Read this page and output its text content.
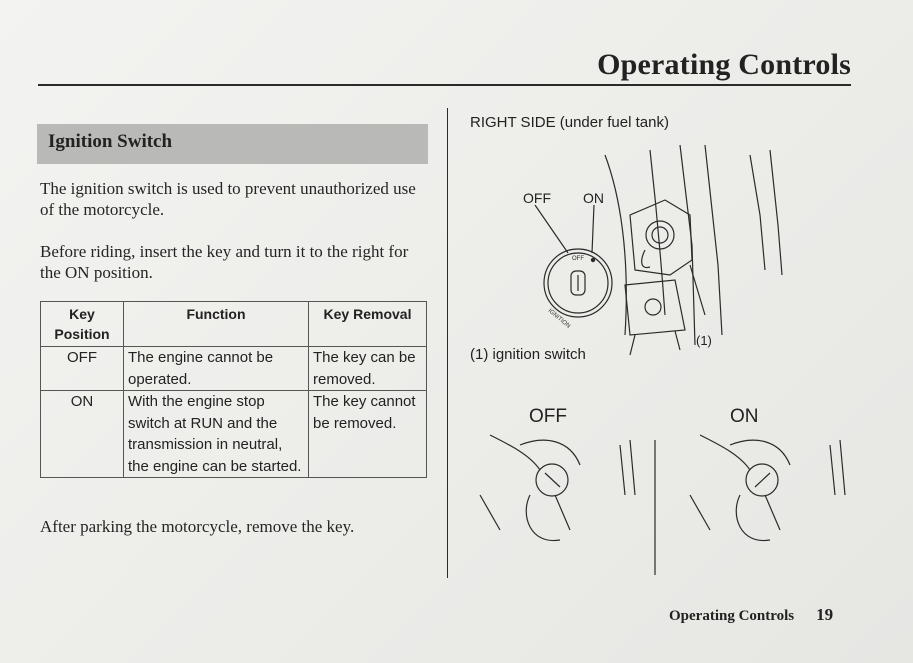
Operating Controls
Ignition Switch

The ignition switch is used to prevent unauthorized use of the motorcycle.

Before riding, insert the key and turn it to the right for the ON position.

Key Position	Function	Key Removal
OFF	The engine cannot be operated.	The key can be removed.
ON	With the engine stop switch at RUN and the transmission in neutral, the engine can be started.	The key cannot be removed.

After parking the motorcycle, remove the key.

RIGHT SIDE (under fuel tank)
OFF
IGNITION
OFF ON
(1)
(1) ignition switch
OFF	ON
Operating Controls 19
